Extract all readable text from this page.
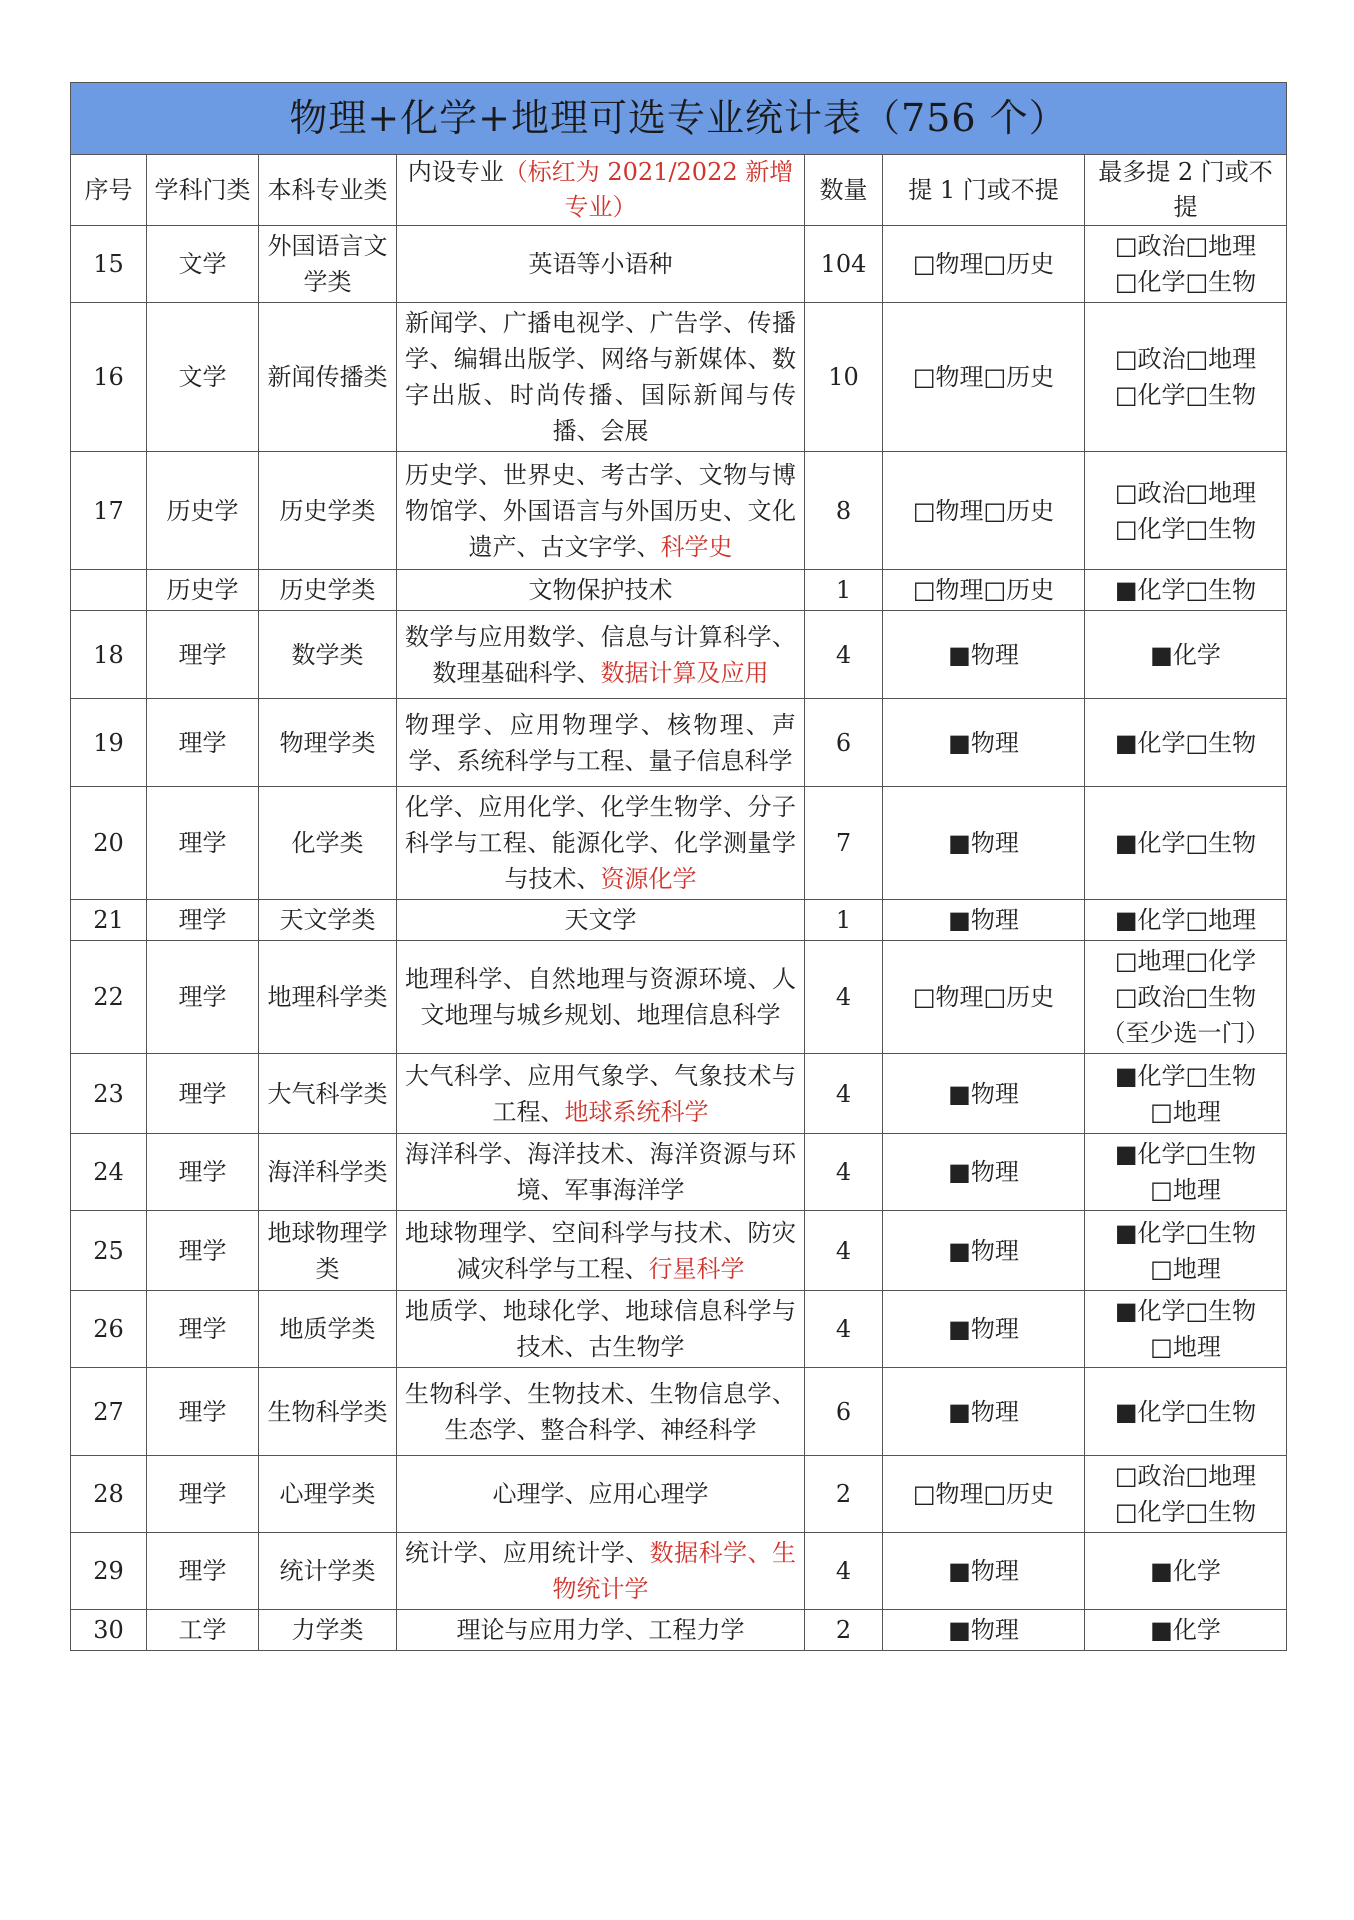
物理+化学+地理可选专业统计表（756 个）						
序号	学科门类	本科专业类	内设专业（标红为 2021/2022 新增专业）	数量	提 1 门或不提	最多提 2 门或不提
15	文学	外国语言文学类	英语等小语种	104	□物理□历史	□政治□地理
□化学□生物

16	文学	新闻传播类	新闻学、广播电视学、广告学、传播学、编辑出版学、网络与新媒体、数字出版、时尚传播、国际新闻与传播、会展	10	□物理□历史	□政治□地理
□化学□生物

17	历史学	历史学类	历史学、世界史、考古学、文物与博物馆学、外国语言与外国历史、文化遗产、古文字学、科学史	8	□物理□历史	□政治□地理
□化学□生物

	历史学	历史学类	文物保护技术	1	□物理□历史	■化学□生物

18	理学	数学类	数学与应用数学、信息与计算科学、数理基础科学、数据计算及应用	4	■物理	■化学

19	理学	物理学类	物理学、应用物理学、核物理、声学、系统科学与工程、量子信息科学	6	■物理	■化学□生物

20	理学	化学类	化学、应用化学、化学生物学、分子科学与工程、能源化学、化学测量学与技术、资源化学	7	■物理	■化学□生物

21	理学	天文学类	天文学	1	■物理	■化学□地理

22	理学	地理科学类	地理科学、自然地理与资源环境、人文地理与城乡规划、地理信息科学	4	□物理□历史	□地理□化学
□政治□生物
（至少选一门）

23	理学	大气科学类	大气科学、应用气象学、气象技术与工程、地球系统科学	4	■物理	■化学□生物
□地理

24	理学	海洋科学类	海洋科学、海洋技术、海洋资源与环境、军事海洋学	4	■物理	■化学□生物
□地理

25	理学	地球物理学类	地球物理学、空间科学与技术、防灾减灾科学与工程、行星科学	4	■物理	■化学□生物
□地理

26	理学	地质学类	地质学、地球化学、地球信息科学与技术、古生物学	4	■物理	■化学□生物
□地理

27	理学	生物科学类	生物科学、生物技术、生物信息学、生态学、整合科学、神经科学	6	■物理	■化学□生物

28	理学	心理学类	心理学、应用心理学	2	□物理□历史	□政治□地理
□化学□生物

29	理学	统计学类	统计学、应用统计学、数据科学、生物统计学	4	■物理	■化学

30	工学	力学类	理论与应用力学、工程力学	2	■物理	■化学
